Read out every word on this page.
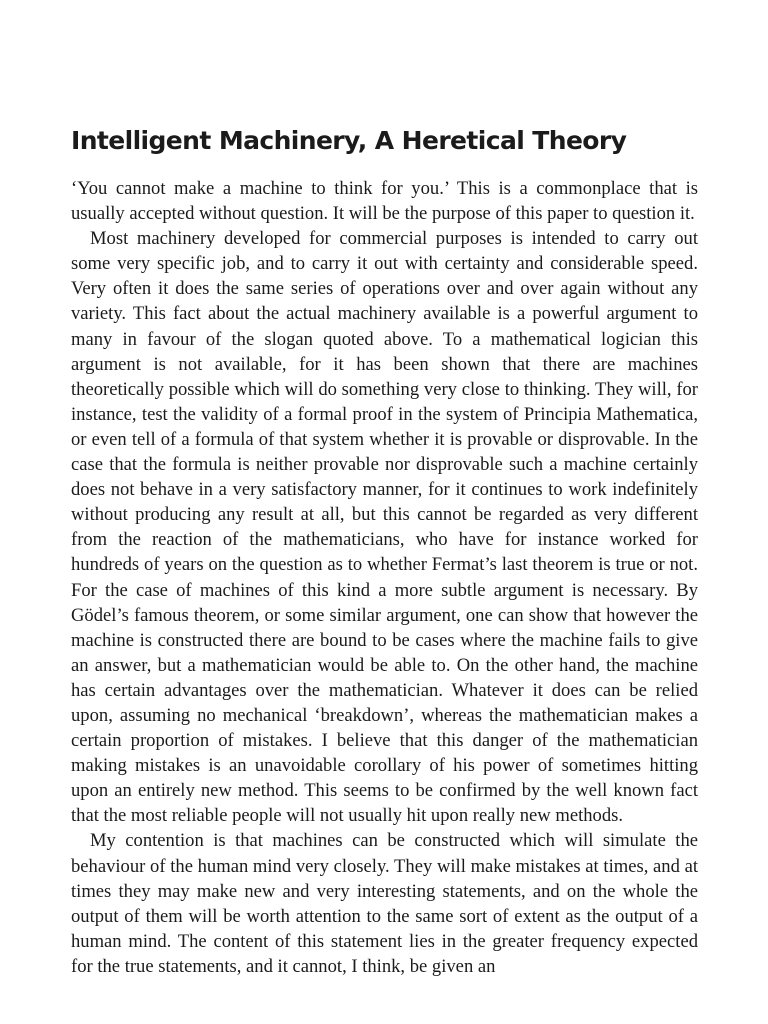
Intelligent Machinery, A Heretical Theory

‘You cannot make a machine to think for you.’ This is a commonplace that is usually accepted without question. It will be the purpose of this paper to question it.

Most machinery developed for commercial purposes is intended to carry out some very specific job, and to carry it out with certainty and considerable speed. Very often it does the same series of operations over and over again without any variety. This fact about the actual machinery available is a powerful argument to many in favour of the slogan quoted above. To a mathematical logician this argument is not available, for it has been shown that there are machines theoretically possible which will do something very close to thinking. They will, for instance, test the validity of a formal proof in the system of Principia Mathematica, or even tell of a formula of that system whether it is provable or disprovable. In the case that the formula is neither provable nor disprovable such a machine certainly does not behave in a very satisfactory manner, for it continues to work indefinitely without producing any result at all, but this cannot be regarded as very different from the reaction of the mathematicians, who have for instance worked for hundreds of years on the question as to whether Fermat’s last theorem is true or not. For the case of machines of this kind a more subtle argument is necessary. By Gödel’s famous theorem, or some similar argument, one can show that however the machine is constructed there are bound to be cases where the machine fails to give an answer, but a mathematician would be able to. On the other hand, the machine has certain advantages over the mathematician. Whatever it does can be relied upon, assuming no mechanical ‘breakdown’, whereas the mathematician makes a certain proportion of mistakes. I believe that this danger of the mathematician making mistakes is an unavoidable corollary of his power of sometimes hitting upon an entirely new method. This seems to be confirmed by the well known fact that the most reliable people will not usually hit upon really new methods.

My contention is that machines can be constructed which will simulate the behaviour of the human mind very closely. They will make mistakes at times, and at times they may make new and very interesting statements, and on the whole the output of them will be worth attention to the same sort of extent as the output of a human mind. The content of this statement lies in the greater frequency expected for the true statements, and it cannot, I think, be given an
